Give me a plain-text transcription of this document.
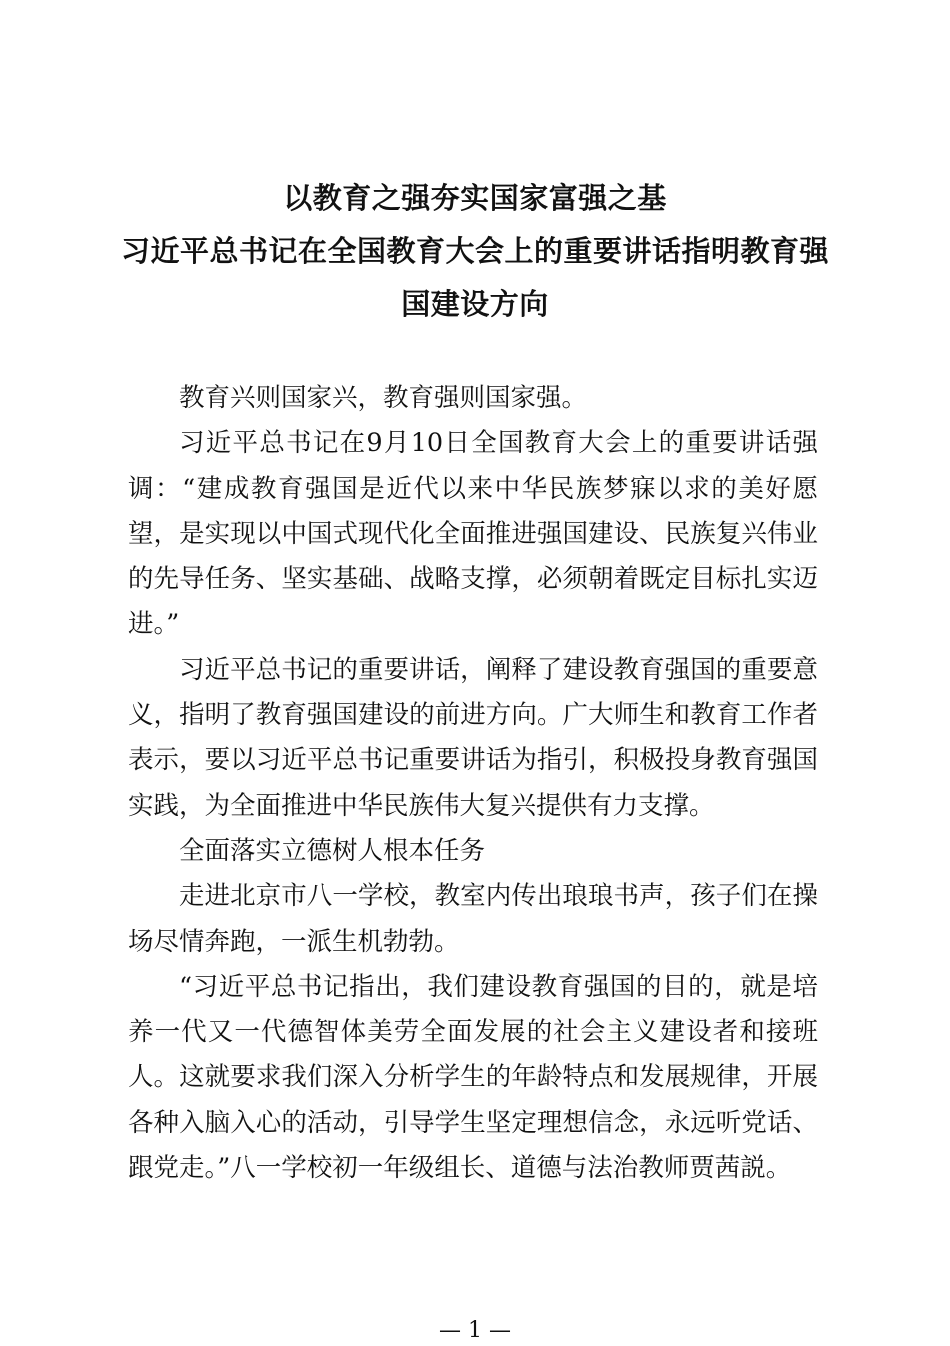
以教育之强夯实国家富强之基
习近平总书记在全国教育大会上的重要讲话指明教育强
国建设方向

教育兴则国家兴，教育强则国家强。

习近平总书记在9月10日全国教育大会上的重要讲话强调：“建成教育强国是近代以来中华民族梦寐以求的美好愿望，是实现以中国式现代化全面推进强国建设、民族复兴伟业的先导任务、坚实基础、战略支撑，必须朝着既定目标扎实迈进。”

习近平总书记的重要讲话，阐释了建设教育强国的重要意义，指明了教育强国建设的前进方向。广大师生和教育工作者表示，要以习近平总书记重要讲话为指引，积极投身教育强国实践，为全面推进中华民族伟大复兴提供有力支撑。

全面落实立德树人根本任务

走进北京市八一学校，教室内传出琅琅书声，孩子们在操场尽情奔跑，一派生机勃勃。

“习近平总书记指出，我们建设教育强国的目的，就是培养一代又一代德智体美劳全面发展的社会主义建设者和接班人。这就要求我们深入分析学生的年龄特点和发展规律，开展各种入脑入心的活动，引导学生坚定理想信念，永远听党话、跟党走。”八一学校初一年级组长、道德与法治教师贾茜説。

— 1 —
